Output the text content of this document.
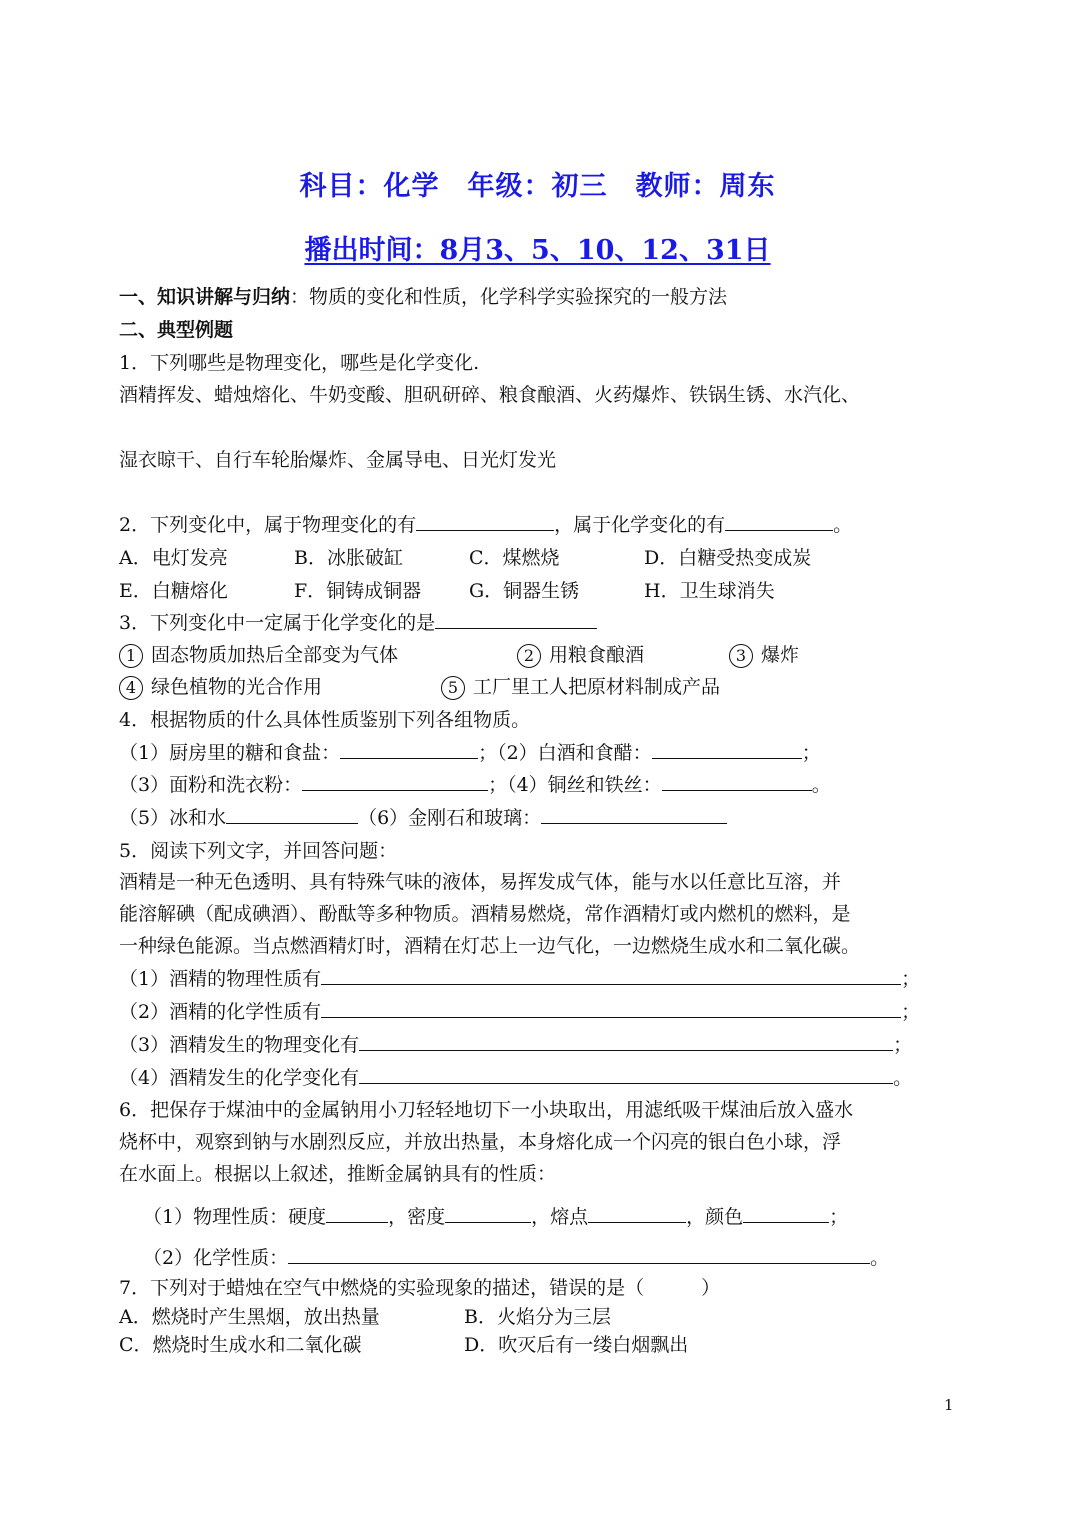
科目：化学　年级：初三　教师：周东
播出时间：8月3、5、10、12、31日
一、知识讲解与归纳：物质的变化和性质，化学科学实验探究的一般方法
二、典型例题
1．下列哪些是物理变化，哪些是化学变化.
酒精挥发、蜡烛熔化、牛奶变酸、胆矾研碎、粮食酿酒、火药爆炸、铁锅生锈、水汽化、
湿衣晾干、自行车轮胎爆炸、金属导电、日光灯发光
2．下列变化中，属于物理变化的有	，属于化学变化的有	。
A．电灯发亮	B．冰胀破缸	C．煤燃烧	D．白糖受热变成炭
E．白糖熔化	F．铜铸成铜器	G．铜器生锈	H．卫生球消失
3．下列变化中一定属于化学变化的是
1 固态物质加热后全部变为气体	2 用粮食酿酒	3 爆炸
4 绿色植物的光合作用	5 工厂里工人把原材料制成产品
4．根据物质的什么具体性质鉴别下列各组物质。
（1）厨房里的糖和食盐：	；（2）白酒和食醋：	；
（3）面粉和洗衣粉：	；（4）铜丝和铁丝：	。
（5）冰和水	（6）金刚石和玻璃：
5．阅读下列文字，并回答问题：
酒精是一种无色透明、具有特殊气味的液体，易挥发成气体，能与水以任意比互溶，并
能溶解碘（配成碘酒）、酚酞等多种物质。酒精易燃烧，常作酒精灯或内燃机的燃料，是
一种绿色能源。当点燃酒精灯时，酒精在灯芯上一边气化，一边燃烧生成水和二氧化碳。
（1）酒精的物理性质有	；
（2）酒精的化学性质有	；
（3）酒精发生的物理变化有	；
（4）酒精发生的化学变化有	。
6．把保存于煤油中的金属钠用小刀轻轻地切下一小块取出，用滤纸吸干煤油后放入盛水
烧杯中，观察到钠与水剧烈反应，并放出热量，本身熔化成一个闪亮的银白色小球，浮
在水面上。根据以上叙述，推断金属钠具有的性质：
（1）物理性质：硬度	，密度	，熔点	，颜色	；
（2）化学性质：	。
7．下列对于蜡烛在空气中燃烧的实验现象的描述，错误的是（　　　）
A．燃烧时产生黑烟，放出热量	B．火焰分为三层
C．燃烧时生成水和二氧化碳	D．吹灭后有一缕白烟飘出
1
